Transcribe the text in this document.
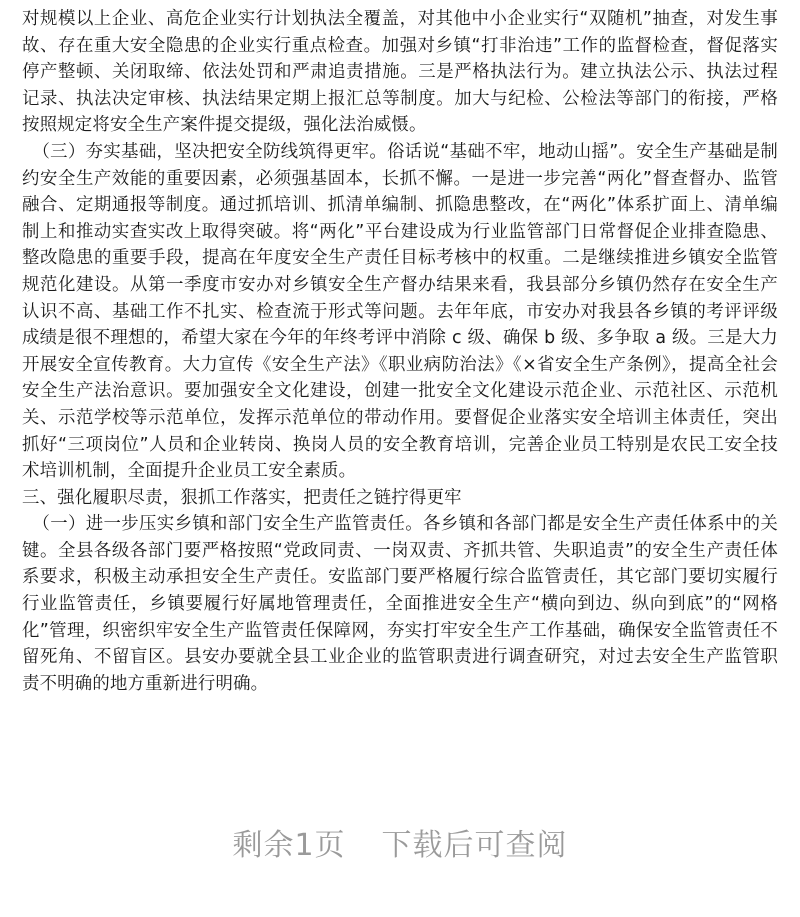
对规模以上企业、高危企业实行计划执法全覆盖，对其他中小企业实行“双随机”抽查，对发生事故、存在重大安全隐患的企业实行重点检查。加强对乡镇“打非治违”工作的监督检查，督促落实停产整顿、关闭取缔、依法处罚和严肃追责措施。三是严格执法行为。建立执法公示、执法过程记录、执法决定审核、执法结果定期上报汇总等制度。加大与纪检、公检法等部门的衔接，严格按照规定将安全生产案件提交提级，强化法治威慑。

（三）夯实基础，坚决把安全防线筑得更牢。俗话说“基础不牢，地动山摇”。安全生产基础是制约安全生产效能的重要因素，必须强基固本，长抓不懈。一是进一步完善“两化”督查督办、监管融合、定期通报等制度。通过抓培训、抓清单编制、抓隐患整改，在“两化”体系扩面上、清单编制上和推动实查实改上取得突破。将“两化”平台建设成为行业监管部门日常督促企业排查隐患、整改隐患的重要手段，提高在年度安全生产责任目标考核中的权重。二是继续推进乡镇安全监管规范化建设。从第一季度市安办对乡镇安全生产督办结果来看，我县部分乡镇仍然存在安全生产认识不高、基础工作不扎实、检查流于形式等问题。去年年底，市安办对我县各乡镇的考评评级成绩是很不理想的，希望大家在今年的年终考评中消除 c 级、确保 b 级、多争取 a 级。三是大力开展安全宣传教育。大力宣传《安全生产法》《职业病防治法》《×省安全生产条例》，提高全社会安全生产法治意识。要加强安全文化建设，创建一批安全文化建设示范企业、示范社区、示范机关、示范学校等示范单位，发挥示范单位的带动作用。要督促企业落实安全培训主体责任，突出抓好“三项岗位”人员和企业转岗、换岗人员的安全教育培训，完善企业员工特别是农民工安全技术培训机制，全面提升企业员工安全素质。

三、强化履职尽责，狠抓工作落实，把责任之链拧得更牢

（一）进一步压实乡镇和部门安全生产监管责任。各乡镇和各部门都是安全生产责任体系中的关键。全县各级各部门要严格按照“党政同责、一岗双责、齐抓共管、失职追责”的安全生产责任体系要求，积极主动承担安全生产责任。安监部门要严格履行综合监管责任，其它部门要切实履行行业监管责任，乡镇要履行好属地管理责任，全面推进安全生产“横向到边、纵向到底”的“网格化”管理，织密织牢安全生产监管责任保障网，夯实打牢安全生产工作基础，确保安全监管责任不留死角、不留盲区。县安办要就全县工业企业的监管职责进行调查研究，对过去安全生产监管职责不明确的地方重新进行明确。

剩余1页 下载后可查阅
